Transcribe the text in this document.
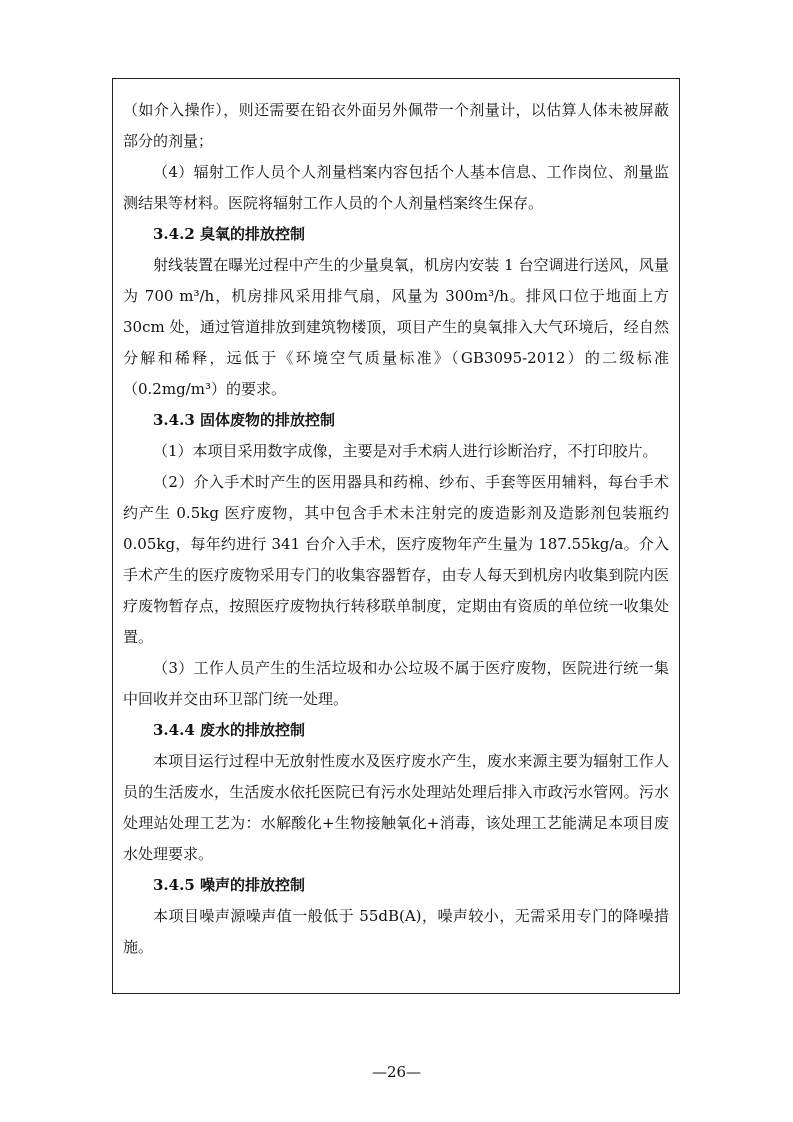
（如介入操作），则还需要在铅衣外面另外佩带一个剂量计，以估算人体未被屏蔽部分的剂量；

（4）辐射工作人员个人剂量档案内容包括个人基本信息、工作岗位、剂量监测结果等材料。医院将辐射工作人员的个人剂量档案终生保存。

3.4.2 臭氧的排放控制

射线装置在曝光过程中产生的少量臭氧，机房内安装 1 台空调进行送风，风量为 700 m³/h，机房排风采用排气扇，风量为 300m³/h。排风口位于地面上方 30cm 处，通过管道排放到建筑物楼顶，项目产生的臭氧排入大气环境后，经自然分解和稀释，远低于《环境空气质量标准》（GB3095-2012）的二级标准（0.2mg/m³）的要求。

3.4.3 固体废物的排放控制

（1）本项目采用数字成像，主要是对手术病人进行诊断治疗，不打印胶片。

（2）介入手术时产生的医用器具和药棉、纱布、手套等医用辅料，每台手术约产生 0.5kg 医疗废物，其中包含手术未注射完的废造影剂及造影剂包装瓶约 0.05kg，每年约进行 341 台介入手术，医疗废物年产生量为 187.55kg/a。介入手术产生的医疗废物采用专门的收集容器暂存，由专人每天到机房内收集到院内医疗废物暂存点，按照医疗废物执行转移联单制度，定期由有资质的单位统一收集处置。

（3）工作人员产生的生活垃圾和办公垃圾不属于医疗废物，医院进行统一集中回收并交由环卫部门统一处理。

3.4.4 废水的排放控制

本项目运行过程中无放射性废水及医疗废水产生，废水来源主要为辐射工作人员的生活废水，生活废水依托医院已有污水处理站处理后排入市政污水管网。污水处理站处理工艺为：水解酸化+生物接触氧化+消毒，该处理工艺能满足本项目废水处理要求。

3.4.5 噪声的排放控制

本项目噪声源噪声值一般低于 55dB(A)，噪声较小，无需采用专门的降噪措施。

—26—
